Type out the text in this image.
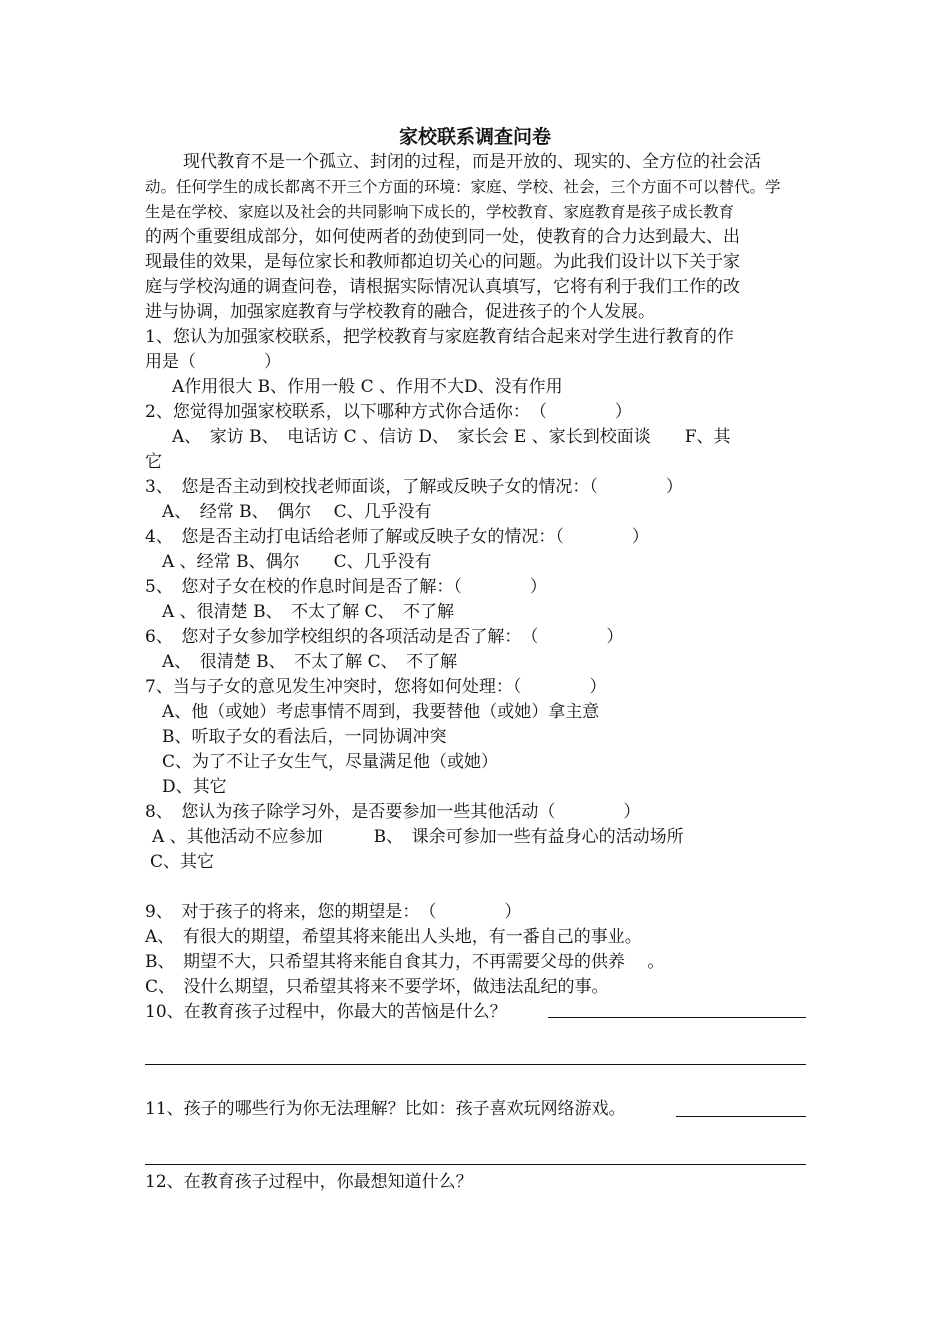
家校联系调查问卷

现代教育不是一个孤立、封闭的过程，而是开放的、现实的、全方位的社会活

动。任何学生的成长都离不开三个方面的环境：家庭、学校、社会，三个方面不可以替代。学

生是在学校、家庭以及社会的共同影响下成长的，学校教育、家庭教育是孩子成长教育

的两个重要组成部分，如何使两者的劲使到同一处，使教育的合力达到最大、出

现最佳的效果，是每位家长和教师都迫切关心的问题。为此我们设计以下关于家

庭与学校沟通的调查问卷，请根据实际情况认真填写，它将有利于我们工作的改

进与协调，加强家庭教育与学校教育的融合，促进孩子的个人发展。

1、您认为加强家校联系，把学校教育与家庭教育结合起来对学生进行教育的作

用是（　　　　）

A作用很大 B、作用一般 C 、作用不大D、没有作用

2、您觉得加强家校联系，以下哪种方式你合适你：　（　　　　）

A、　家访 B、　电话访 C 、信访 D、　家长会 E 、家长到校面谈　　F、其

它

3、　您是否主动到校找老师面谈，了解或反映子女的情况：（　　　　）

A、　经常 B、　偶尔　 C、几乎没有

4、　您是否主动打电话给老师了解或反映子女的情况：（　　　　）

A 、经常 B、偶尔　　C、几乎没有

5、　您对子女在校的作息时间是否了解：（　　　　）

A 、很清楚 B、　不太了解 C、　不了解

6、　您对子女参加学校组织的各项活动是否了解：　（　　　　）

A、　很清楚 B、　不太了解 C、　不了解

7、当与子女的意见发生冲突时，您将如何处理：（　　　　）

A、他（或她）考虑事情不周到，我要替他（或她）拿主意

B、听取子女的看法后，一同协调冲突

C、为了不让子女生气，尽量满足他（或她）

D、其它

8、　您认为孩子除学习外，是否要参加一些其他活动（　　　　）

A 、其他活动不应参加　　　B、　课余可参加一些有益身心的活动场所

C、其它

9、　对于孩子的将来，您的期望是：　（　　　　）

A、　有很大的期望，希望其将来能出人头地，有一番自己的事业。

B、　期望不大，只希望其将来能自食其力，不再需要父母的供养　 。

C、　没什么期望，只希望其将来不要学坏，做违法乱纪的事。

10、在教育孩子过程中，你最大的苦恼是什么？

11、孩子的哪些行为你无法理解？比如：孩子喜欢玩网络游戏。

12、在教育孩子过程中，你最想知道什么？
